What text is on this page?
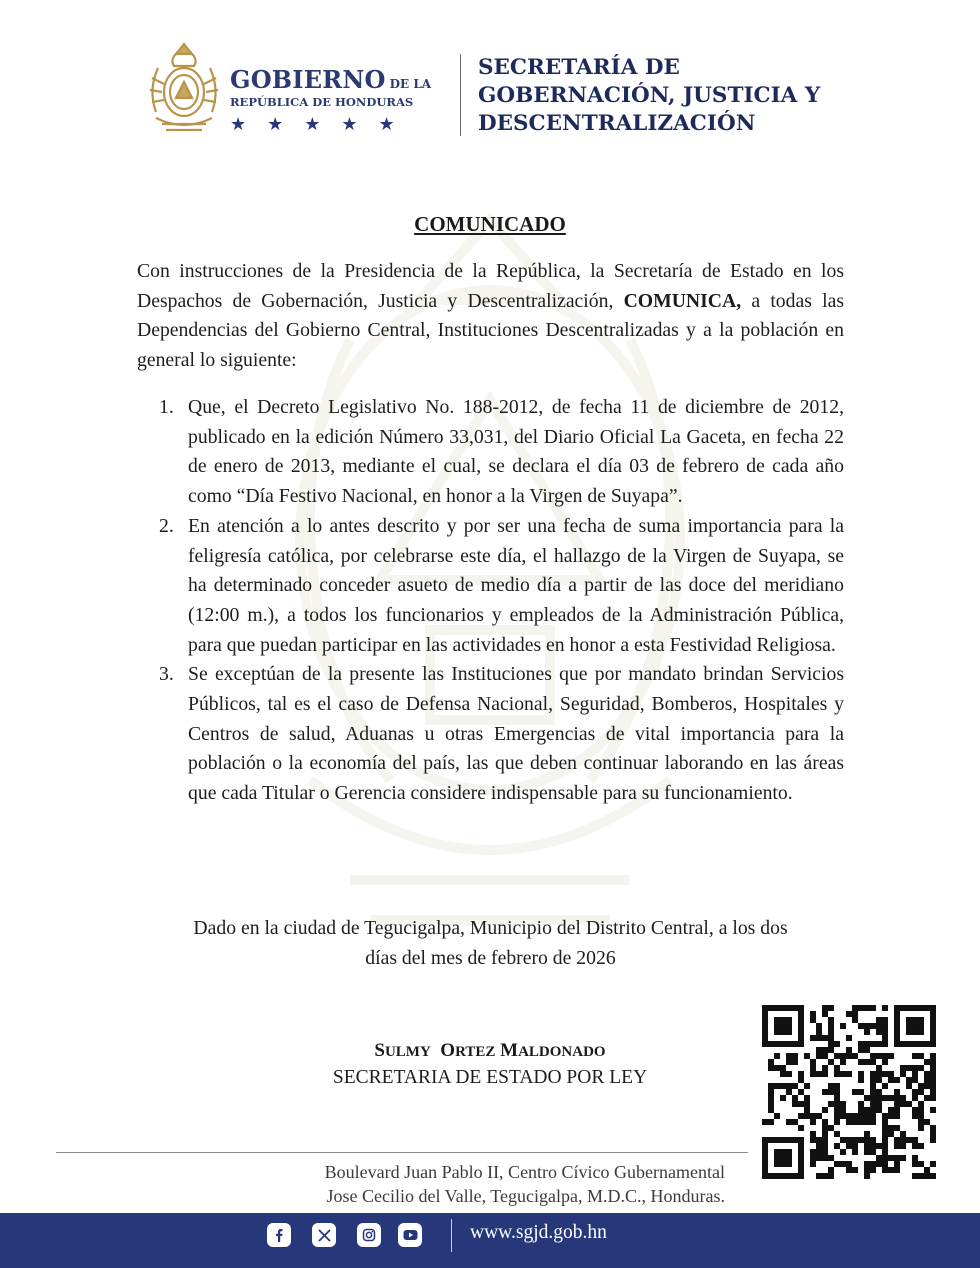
GOBIERNO DE LA
REPÚBLICA DE HONDURAS
★★★★★
SECRETARÍA DE
GOBERNACIÓN, JUSTICIA Y
DESCENTRALIZACIÓN
COMUNICADO

Con instrucciones de la Presidencia de la República, la Secretaría de Estado en los Despachos de Gobernación, Justicia y Descentralización, COMUNICA, a todas las Dependencias del Gobierno Central, Instituciones Descentralizadas y a la población en general lo siguiente:

1. Que, el Decreto Legislativo No. 188-2012, de fecha 11 de diciembre de 2012, publicado en la edición Número 33,031, del Diario Oficial La Gaceta, en fecha 22 de enero de 2013, mediante el cual, se declara el día 03 de febrero de cada año como “Día Festivo Nacional, en honor a la Virgen de Suyapa”.
2. En atención a lo antes descrito y por ser una fecha de suma importancia para la feligresía católica, por celebrarse este día, el hallazgo de la Virgen de Suyapa, se ha determinado conceder asueto de medio día a partir de las doce del meridiano (12:00 m.), a todos los funcionarios y empleados de la Administración Pública, para que puedan participar en las actividades en honor a esta Festividad Religiosa.
3. Se exceptúan de la presente las Instituciones que por mandato brindan Servicios Públicos, tal es el caso de Defensa Nacional, Seguridad, Bomberos, Hospitales y Centros de salud, Aduanas u otras Emergencias de vital importancia para la población o la economía del país, las que deben continuar laborando en las áreas que cada Titular o Gerencia considere indispensable para su funcionamiento.
Dado en la ciudad de Tegucigalpa, Municipio del Distrito Central, a los dos
días del mes de febrero de 2026
SULMY ORTEZ MALDONADO
SECRETARIA DE ESTADO POR LEY
Boulevard Juan Pablo II, Centro Cívico Gubernamental
Jose Cecilio del Valle, Tegucigalpa, M.D.C., Honduras.
www.sgjd.gob.hn
